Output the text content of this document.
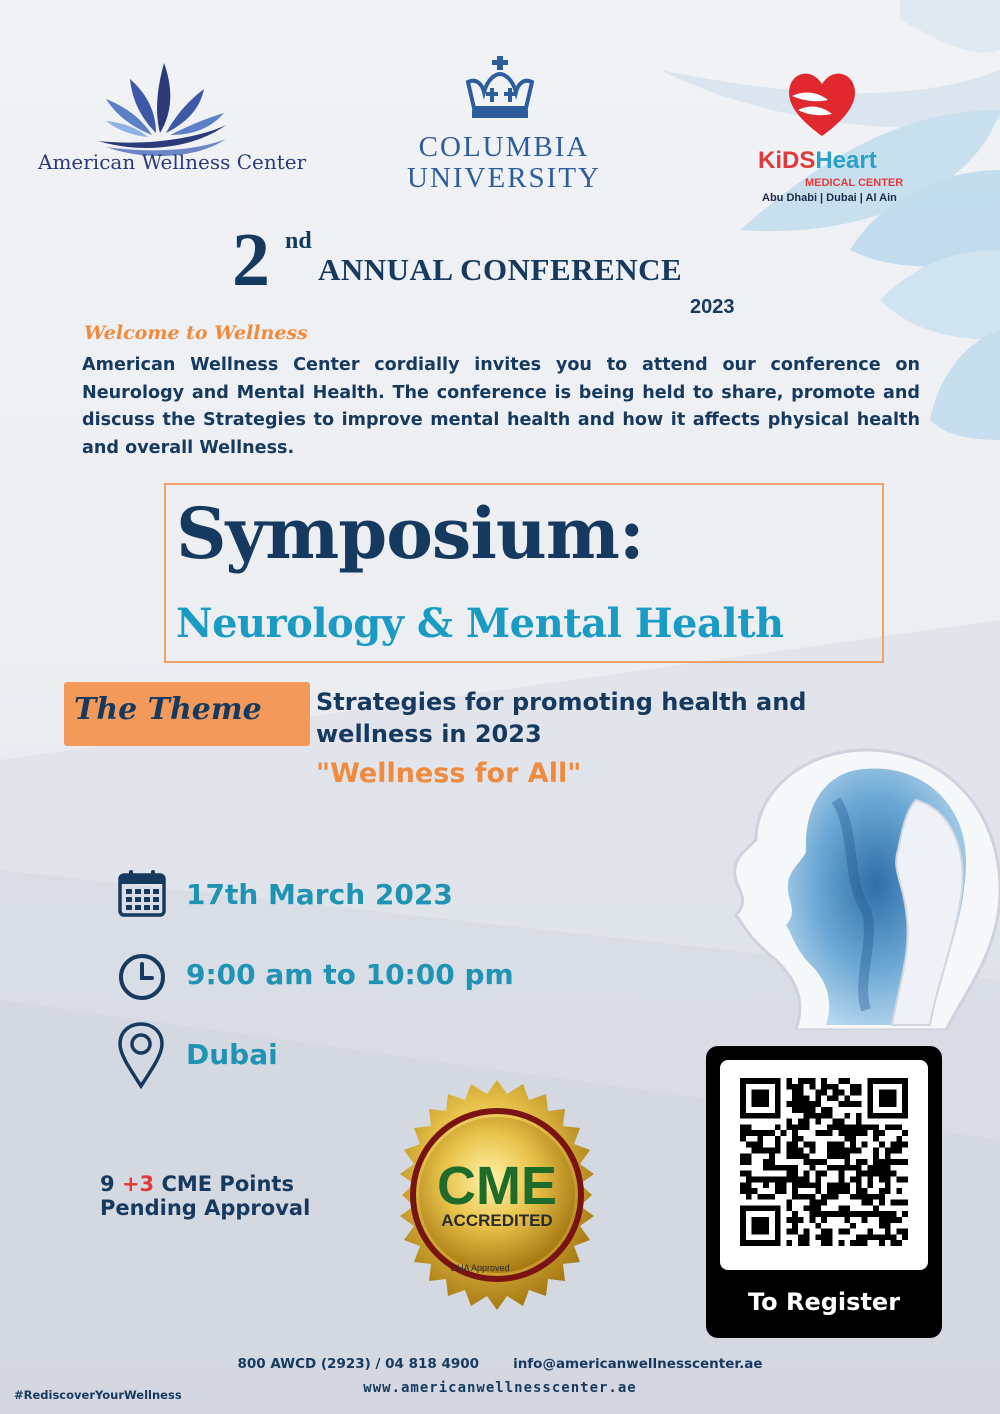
American Wellness Center	COLUMBIA
UNIVERSITY
KiDSHeart
MEDICAL CENTER
Abu Dhabi | Dubai | Al Ain
2 nd
ANNUAL CONFERENCE
2023
Welcome to Wellness
American Wellness Center cordially invites you to attend our conference on Neurology and Mental Health. The conference is being held to share, promote and discuss the Strategies to improve mental health and how it affects physical health and overall Wellness.
Symposium:
Neurology & Mental Health
The Theme Strategies for promoting health and wellness in 2023
"Wellness for All"
17th March 2023
9:00 am to 10:00 pm
Dubai
9 +3 CME Points
Pending Approval CME
ACCREDITED
DHA Approved
To Register
800 AWCD (2923) / 04 818 4900	info@americanwellnesscenter.ae
www.americanwellnesscenter.ae
#RediscoverYourWellness
